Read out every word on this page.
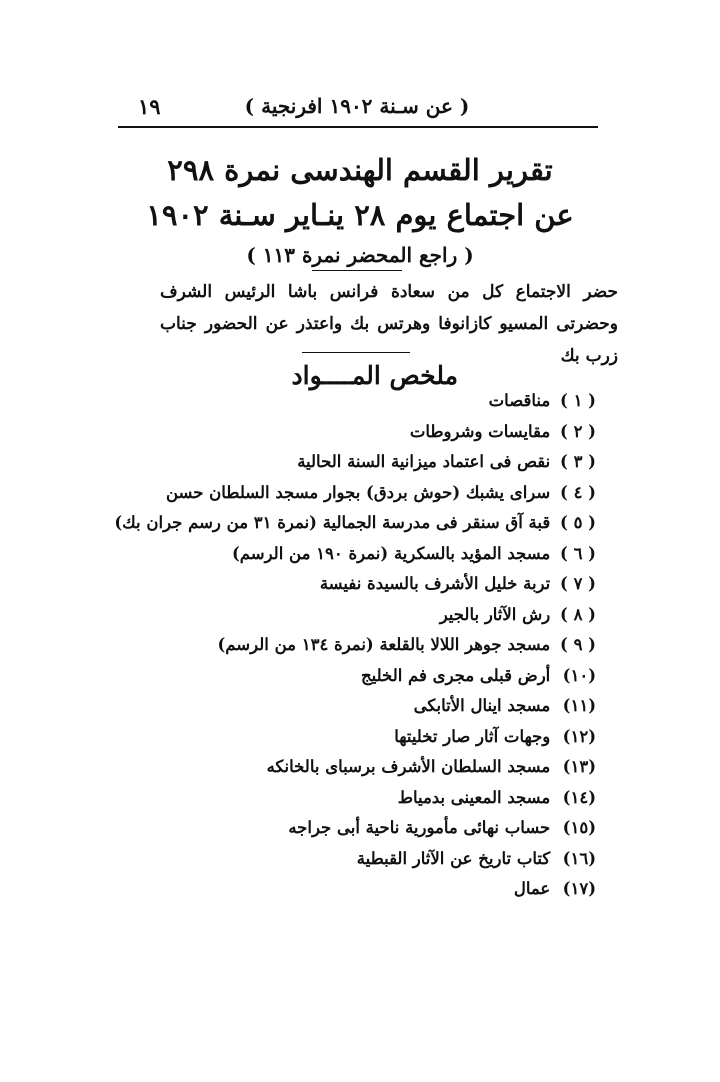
( عن سـنة ١٩٠٢ افرنجية )
١٩
تقرير القسم الهندسى نمرة ٢٩٨
عن اجتماع يوم ٢٨ ينـاير سـنة ١٩٠٢
( راجع المحضر نمرة ١١٣ )
حضر الاجتماع كل من سعادة فرانس باشا الرئيس الشرف وحضرتى المسيو كازانوفا وهرتس بك واعتذر عن الحضور جناب زرب بك
ملخص المــــواد
( ١ ) مناقصات
( ٢ ) مقايسات وشروطات
( ٣ ) نقص فى اعتماد ميزانية السنة الحالية
( ٤ ) سراى يشبك (حوش بردق) بجوار مسجد السلطان حسن
( ٥ ) قبة آق سنقر فى مدرسة الجمالية (نمرة ٣١ من رسم جران بك)
( ٦ ) مسجد المؤيد بالسكرية (نمرة ١٩٠ من الرسم)
( ٧ ) تربة خليل الأشرف بالسيدة نفيسة
( ٨ ) رش الآثار بالجير
( ٩ ) مسجد جوهر اللالا بالقلعة (نمرة ١٣٤ من الرسم)
(١٠) أرض قبلى مجرى فم الخليج
(١١) مسجد اينال الأتابكى
(١٢) وجهات آثار صار تخليتها
(١٣) مسجد السلطان الأشرف برسباى بالخانكه
(١٤) مسجد المعينى بدمياط
(١٥) حساب نهائى مأمورية ناحية أبى جراجه
(١٦) كتاب تاريخ عن الآثار القبطية
(١٧) عمال
